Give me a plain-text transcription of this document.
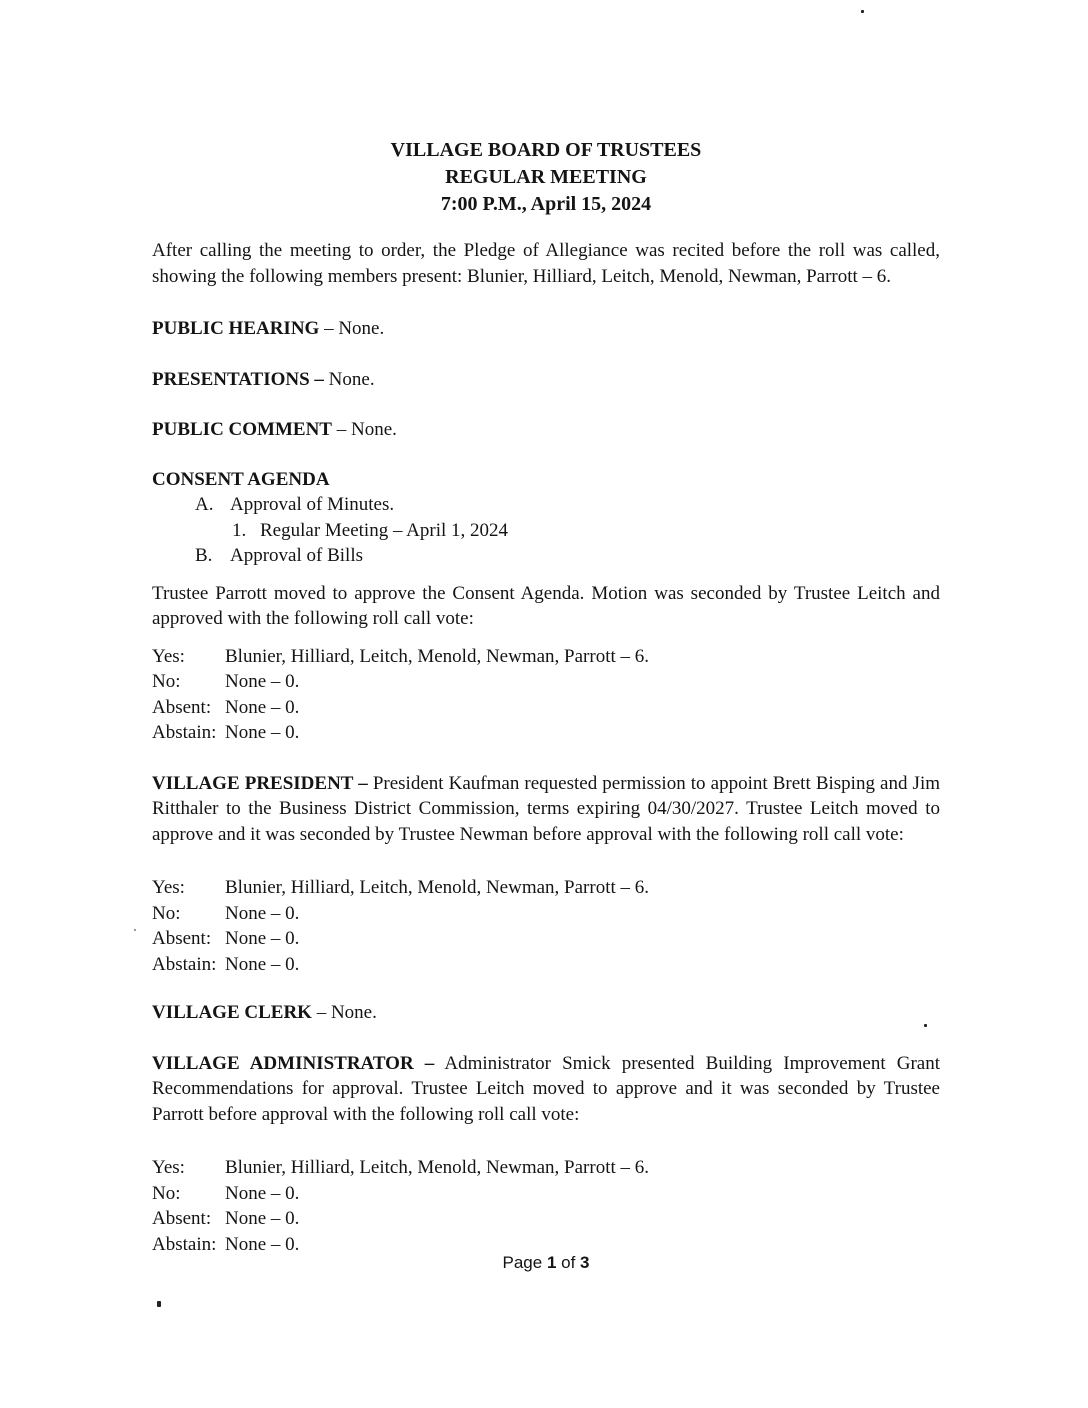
VILLAGE BOARD OF TRUSTEES
REGULAR MEETING
7:00 P.M., April 15, 2024

After calling the meeting to order, the Pledge of Allegiance was recited before the roll was called, showing the following members present: Blunier, Hilliard, Leitch, Menold, Newman, Parrott – 6.

PUBLIC HEARING – None.
PRESENTATIONS – None.
PUBLIC COMMENT – None.
CONSENT AGENDA
A. Approval of Minutes.
1. Regular Meeting – April 1, 2024
B. Approval of Bills

Trustee Parrott moved to approve the Consent Agenda. Motion was seconded by Trustee Leitch and approved with the following roll call vote:

Yes: Blunier, Hilliard, Leitch, Menold, Newman, Parrott – 6.
No: None – 0.
Absent: None – 0.
Abstain: None – 0.

VILLAGE PRESIDENT – President Kaufman requested permission to appoint Brett Bisping and Jim Ritthaler to the Business District Commission, terms expiring 04/30/2027. Trustee Leitch moved to approve and it was seconded by Trustee Newman before approval with the following roll call vote:

Yes: Blunier, Hilliard, Leitch, Menold, Newman, Parrott – 6.
No: None – 0.
Absent: None – 0.
Abstain: None – 0.
VILLAGE CLERK – None.

VILLAGE ADMINISTRATOR – Administrator Smick presented Building Improvement Grant Recommendations for approval. Trustee Leitch moved to approve and it was seconded by Trustee Parrott before approval with the following roll call vote:

Yes: Blunier, Hilliard, Leitch, Menold, Newman, Parrott – 6.
No: None – 0.
Absent: None – 0.
Abstain: None – 0.
Page 1 of 3
